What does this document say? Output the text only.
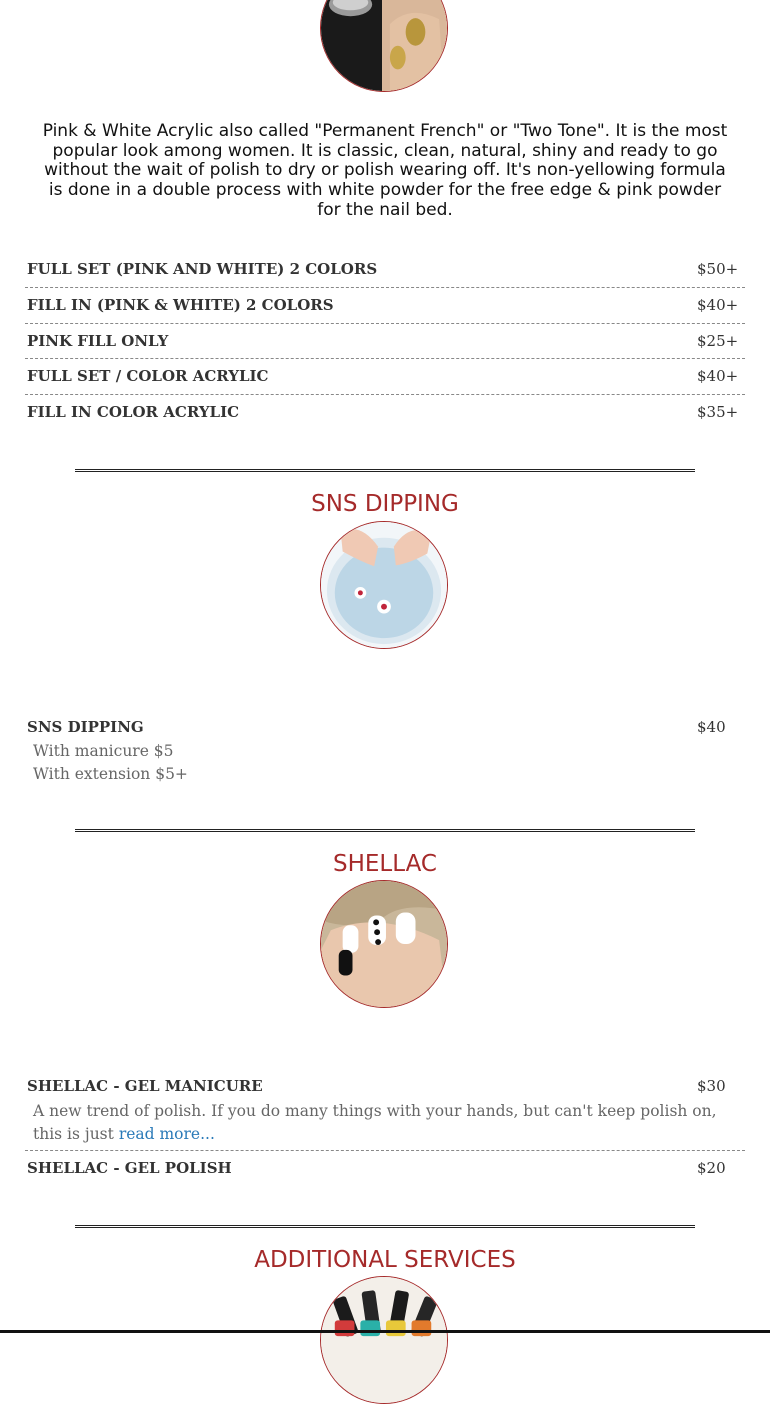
Pink & White Acrylic also called "Permanent French" or "Two Tone". It is the most popular look among women. It is classic, clean, natural, shiny and ready to go without the wait of polish to dry or polish wearing off. It's non-yellowing formula is done in a double process with white powder for the free edge & pink powder for the nail bed.
FULL SET (PINK AND WHITE) 2 COLORS	$50+
FILL IN (PINK & WHITE) 2 COLORS	$40+
PINK FILL ONLY	$25+
FULL SET / COLOR ACRYLIC	$40+
FILL IN COLOR ACRYLIC	$35+
SNS DIPPING
SNS DIPPING	$40
With manicure $5
With extension $5+
SHELLAC
SHELLAC - GEL MANICURE	$30
A new trend of polish. If you do many things with your hands, but can't keep polish on,
this is just read more...
SHELLAC - GEL POLISH	$20
ADDITIONAL SERVICES
